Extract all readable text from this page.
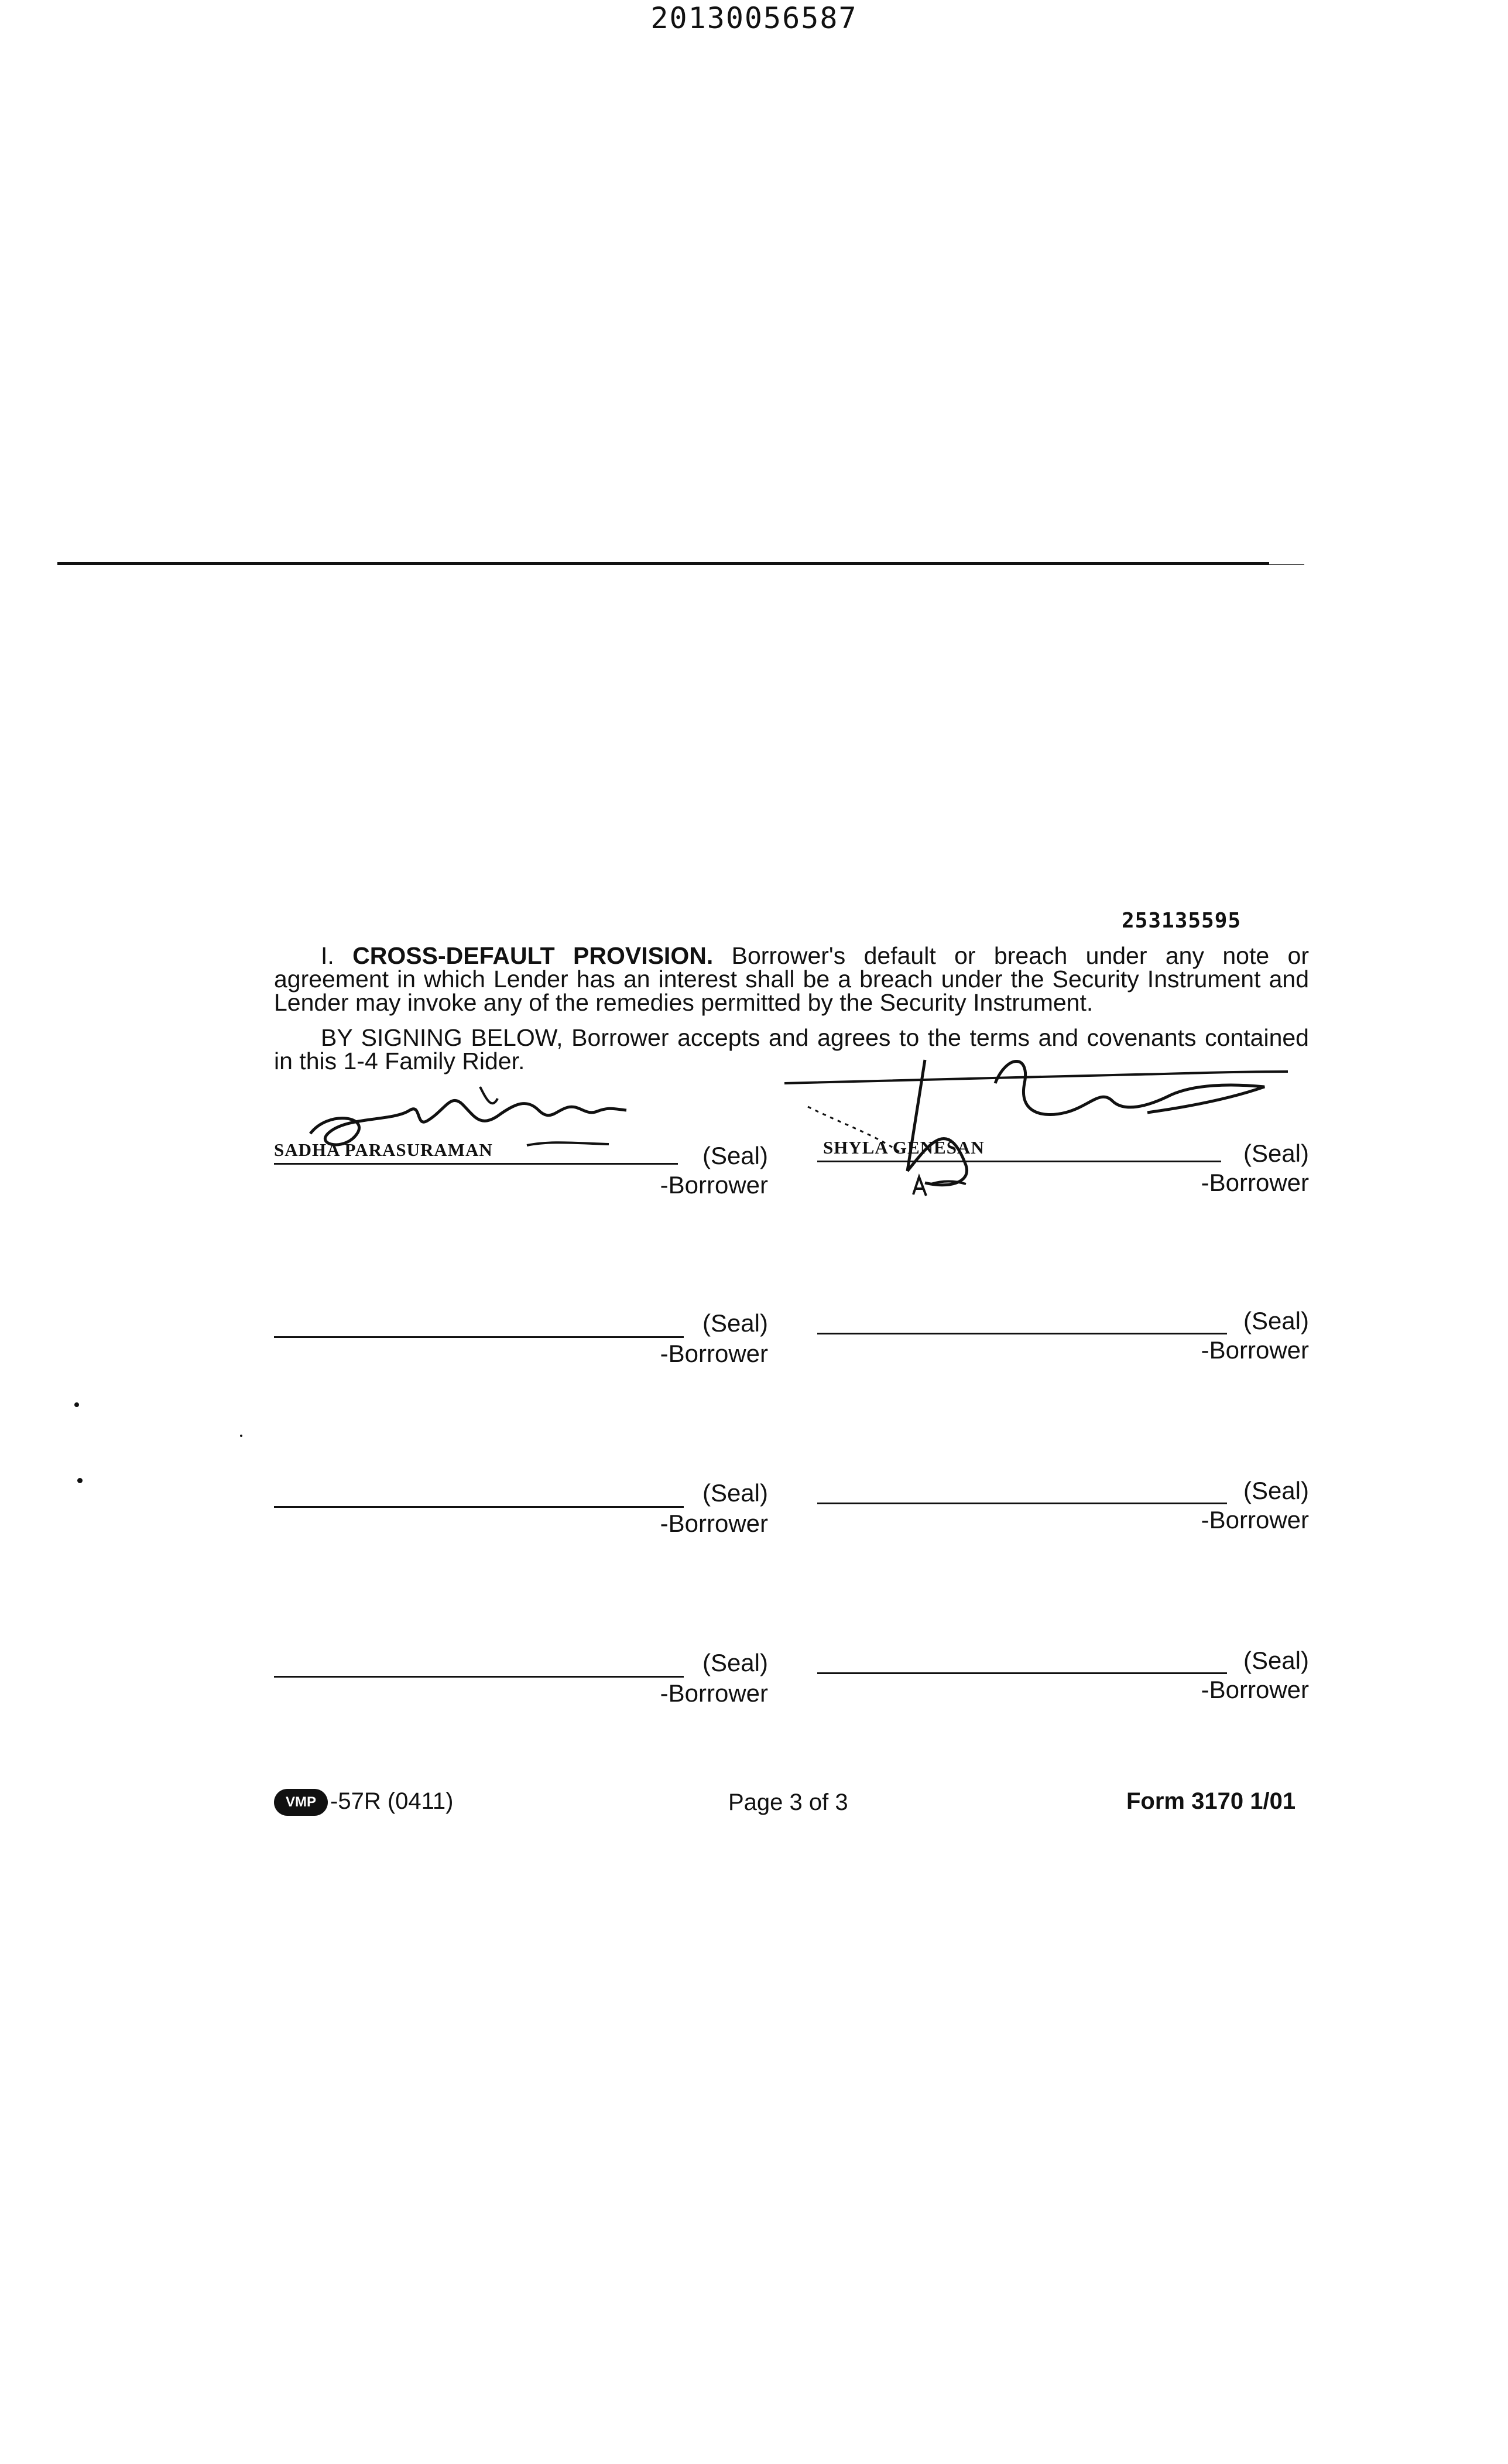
20130056587
253135595

I. CROSS-DEFAULT PROVISION. Borrower's default or breach under any note or agreement in which Lender has an interest shall be a breach under the Security Instrument and Lender may invoke any of the remedies permitted by the Security Instrument.

BY SIGNING BELOW, Borrower accepts and agrees to the terms and covenants contained in this 1-4 Family Rider.

SADHA PARASURAMAN	(Seal)
-Borrower
SHYLA GENESAN	(Seal)
-Borrower
(Seal)
-Borrower
(Seal)
-Borrower
(Seal)
-Borrower
(Seal)
-Borrower
(Seal)
-Borrower
(Seal)
-Borrower
VMP -57R (0411)	Page 3 of 3	Form 3170 1/01
